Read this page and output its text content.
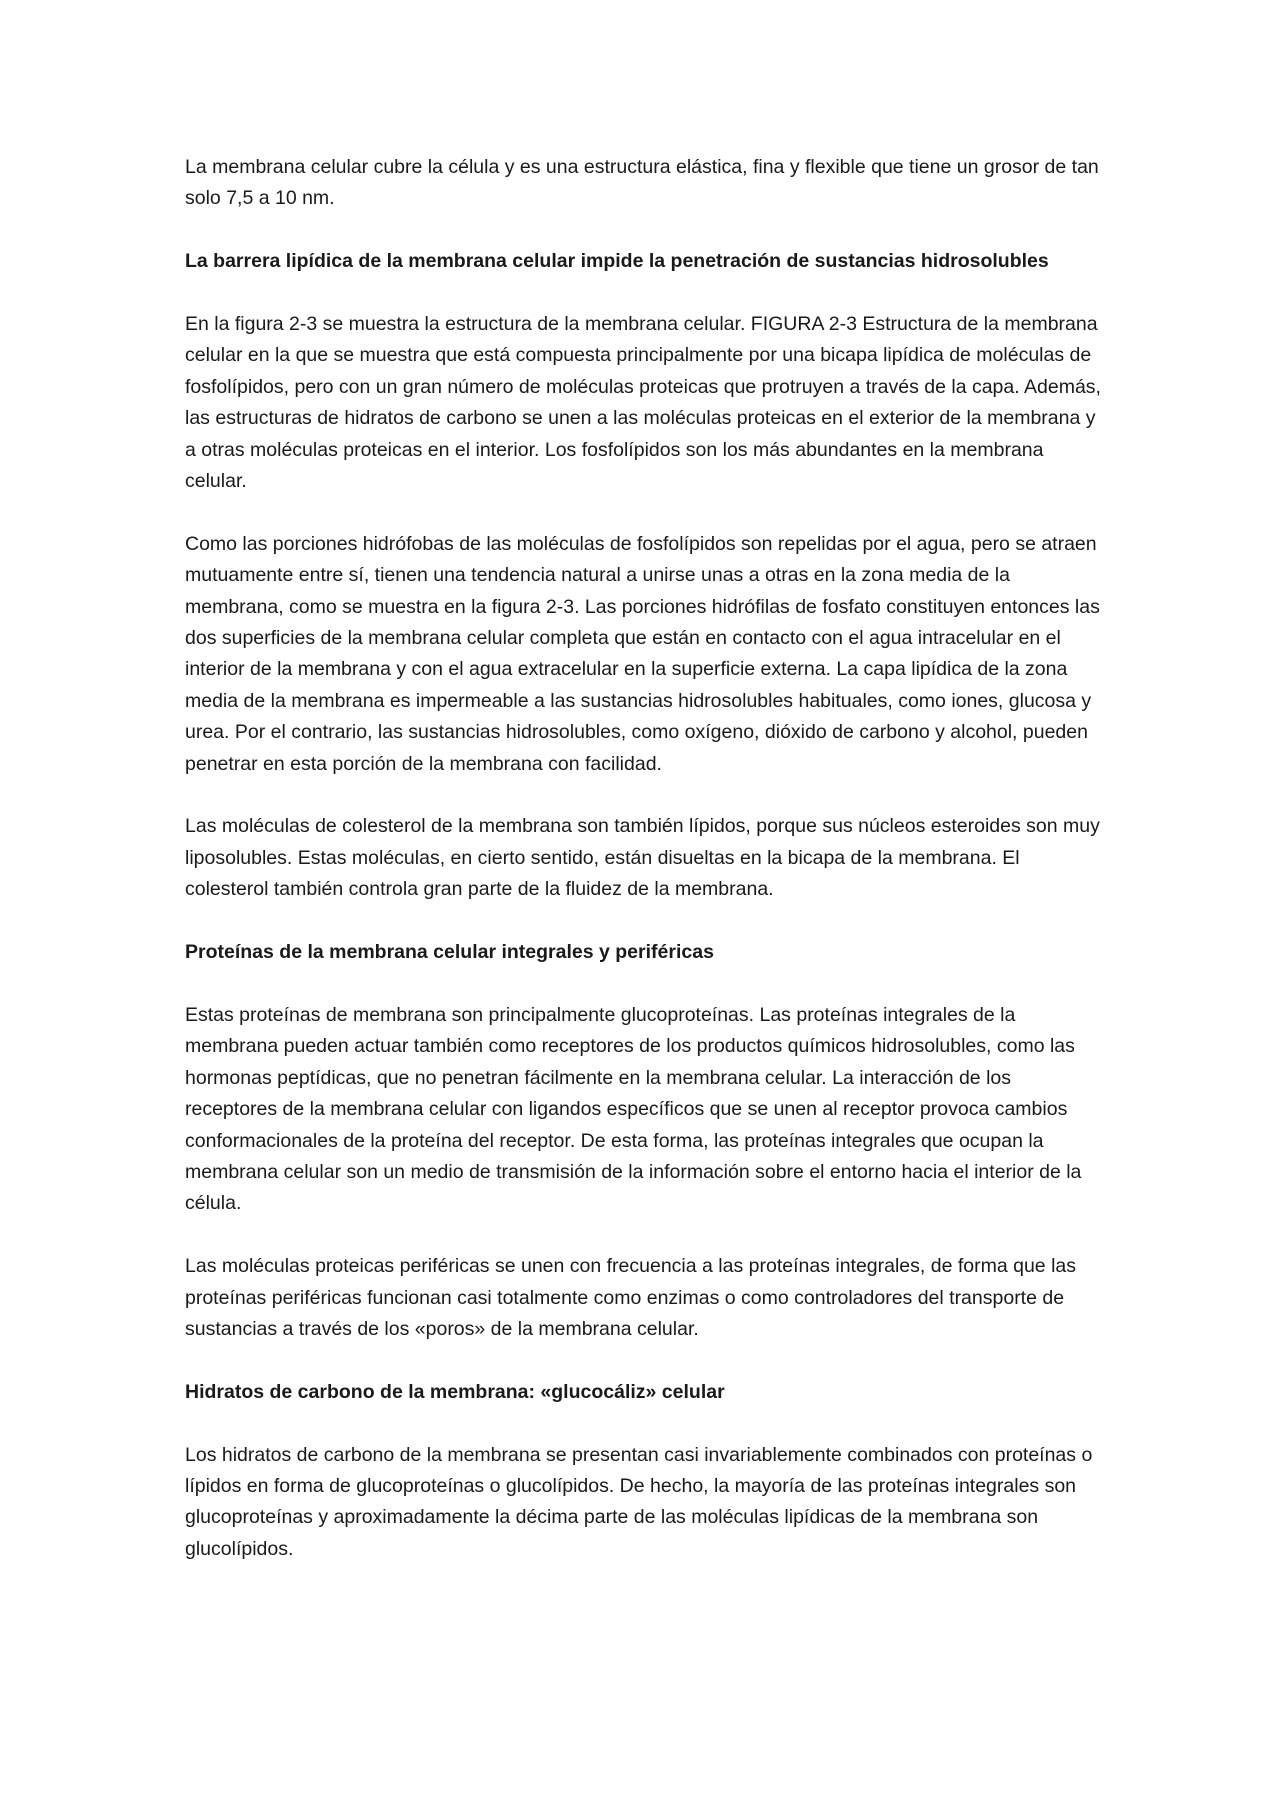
La membrana celular cubre la célula y es una estructura elástica, fina y flexible que tiene un grosor de tan solo 7,5 a 10 nm.

La barrera lipídica de la membrana celular impide la penetración de sustancias hidrosolubles

En la figura 2-3 se muestra la estructura de la membrana celular. FIGURA 2-3 Estructura de la membrana celular en la que se muestra que está compuesta principalmente por una bicapa lipídica de moléculas de fosfolípidos, pero con un gran número de moléculas proteicas que protruyen a través de la capa. Además, las estructuras de hidratos de carbono se unen a las moléculas proteicas en el exterior de la membrana y a otras moléculas proteicas en el interior. Los fosfolípidos son los más abundantes en la membrana celular.

Como las porciones hidrófobas de las moléculas de fosfolípidos son repelidas por el agua, pero se atraen mutuamente entre sí, tienen una tendencia natural a unirse unas a otras en la zona media de la membrana, como se muestra en la figura 2-3. Las porciones hidrófilas de fosfato constituyen entonces las dos superficies de la membrana celular completa que están en contacto con el agua intracelular en el interior de la membrana y con el agua extracelular en la superficie externa. La capa lipídica de la zona media de la membrana es impermeable a las sustancias hidrosolubles habituales, como iones, glucosa y urea. Por el contrario, las sustancias hidrosolubles, como oxígeno, dióxido de carbono y alcohol, pueden penetrar en esta porción de la membrana con facilidad.

Las moléculas de colesterol de la membrana son también lípidos, porque sus núcleos esteroides son muy liposolubles. Estas moléculas, en cierto sentido, están disueltas en la bicapa de la membrana. El colesterol también controla gran parte de la fluidez de la membrana.

Proteínas de la membrana celular integrales y periféricas

Estas proteínas de membrana son principalmente glucoproteínas. Las proteínas integrales de la membrana pueden actuar también como receptores de los productos químicos hidrosolubles, como las hormonas peptídicas, que no penetran fácilmente en la membrana celular. La interacción de los receptores de la membrana celular con ligandos específicos que se unen al receptor provoca cambios conformacionales de la proteína del receptor. De esta forma, las proteínas integrales que ocupan la membrana celular son un medio de transmisión de la información sobre el entorno hacia el interior de la célula.

Las moléculas proteicas periféricas se unen con frecuencia a las proteínas integrales, de forma que las proteínas periféricas funcionan casi totalmente como enzimas o como controladores del transporte de sustancias a través de los «poros» de la membrana celular.

Hidratos de carbono de la membrana: «glucocáliz» celular

Los hidratos de carbono de la membrana se presentan casi invariablemente combinados con proteínas o lípidos en forma de glucoproteínas o glucolípidos. De hecho, la mayoría de las proteínas integrales son glucoproteínas y aproximadamente la décima parte de las moléculas lipídicas de la membrana son glucolípidos.
